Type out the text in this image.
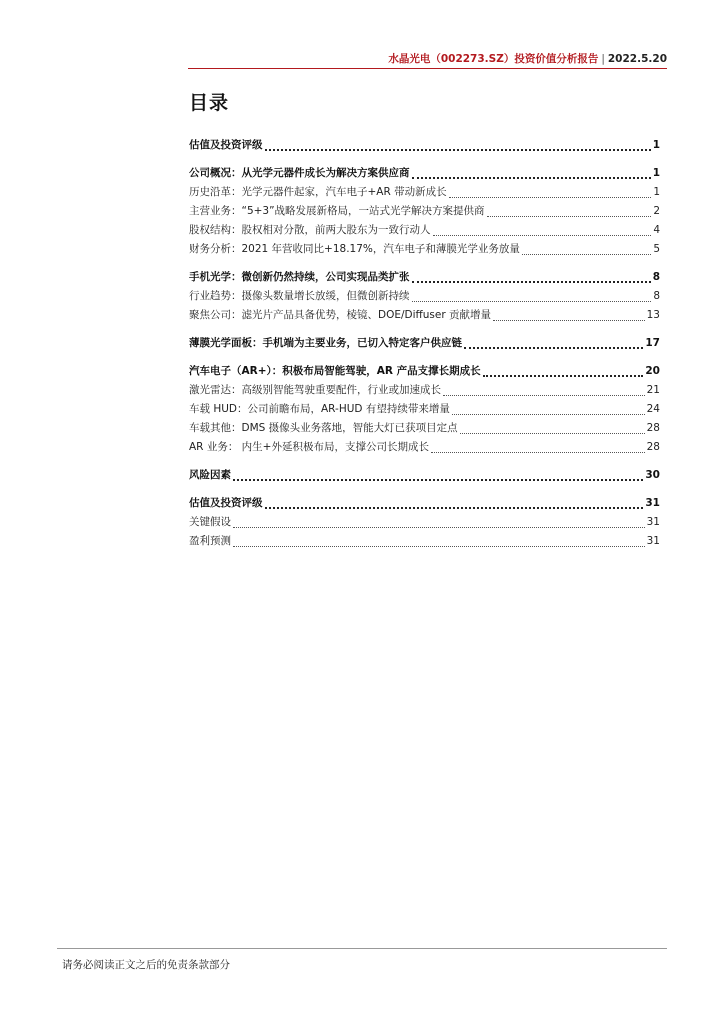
水晶光电（002273.SZ）投资价值分析报告 | 2022.5.20
目录
估值及投资评级	1
公司概况：从光学元器件成长为解决方案供应商	1
历史沿革：光学元器件起家，汽车电子+AR 带动新成长	1
主营业务：“5+3”战略发展新格局，一站式光学解决方案提供商	2
股权结构：股权相对分散，前两大股东为一致行动人	4
财务分析：2021 年营收同比+18.17%，汽车电子和薄膜光学业务放量	5
手机光学：微创新仍然持续，公司实现品类扩张	8
行业趋势：摄像头数量增长放缓，但微创新持续	8
聚焦公司：滤光片产品具备优势，棱镜、DOE/Diffuser 贡献增量	13
薄膜光学面板：手机端为主要业务，已切入特定客户供应链	17
汽车电子（AR+）：积极布局智能驾驶，AR 产品支撑长期成长	20
激光雷达：高级别智能驾驶重要配件，行业或加速成长	21
车载 HUD：公司前瞻布局，AR-HUD 有望持续带来增量	24
车载其他：DMS 摄像头业务落地，智能大灯已获项目定点	28
AR 业务： 内生+外延积极布局，支撑公司长期成长	28
风险因素	30
估值及投资评级	31
关键假设	31
盈利预测	31
请务必阅读正文之后的免责条款部分
